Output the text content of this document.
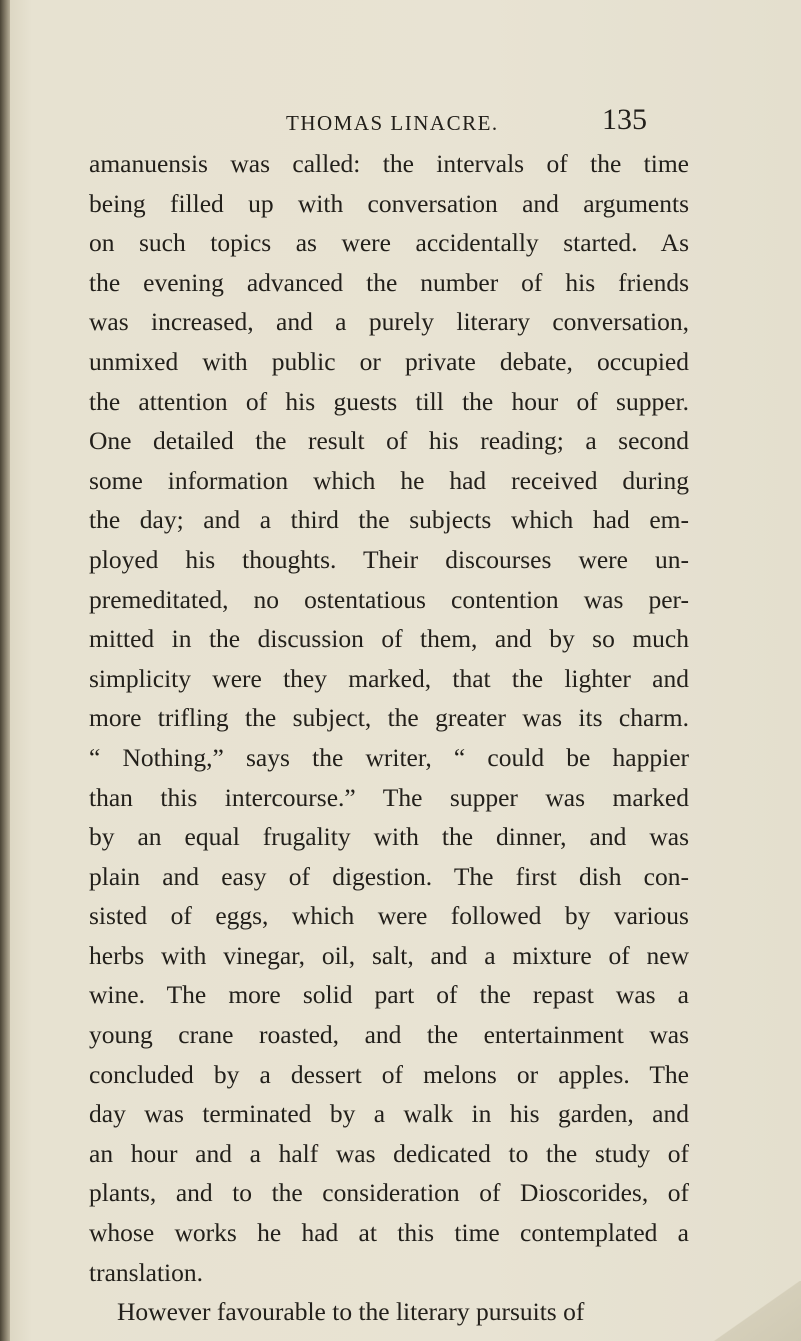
THOMAS LINACRE.	135
amanuensis was called: the intervals of the time
being filled up with conversation and arguments
on such topics as were accidentally started. As
the evening advanced the number of his friends
was increased, and a purely literary conversation,
unmixed with public or private debate, occupied
the attention of his guests till the hour of supper.
One detailed the result of his reading; a second
some information which he had received during
the day; and a third the subjects which had em-
ployed his thoughts. Their discourses were un-
premeditated, no ostentatious contention was per-
mitted in the discussion of them, and by so much
simplicity were they marked, that the lighter and
more trifling the subject, the greater was its charm.
“ Nothing,” says the writer, “ could be happier
than this intercourse.” The supper was marked
by an equal frugality with the dinner, and was
plain and easy of digestion. The first dish con-
sisted of eggs, which were followed by various
herbs with vinegar, oil, salt, and a mixture of new
wine. The more solid part of the repast was a
young crane roasted, and the entertainment was
concluded by a dessert of melons or apples. The
day was terminated by a walk in his garden, and
an hour and a half was dedicated to the study of
plants, and to the consideration of Dioscorides, of
whose works he had at this time contemplated a
translation.
However favourable to the literary pursuits of
